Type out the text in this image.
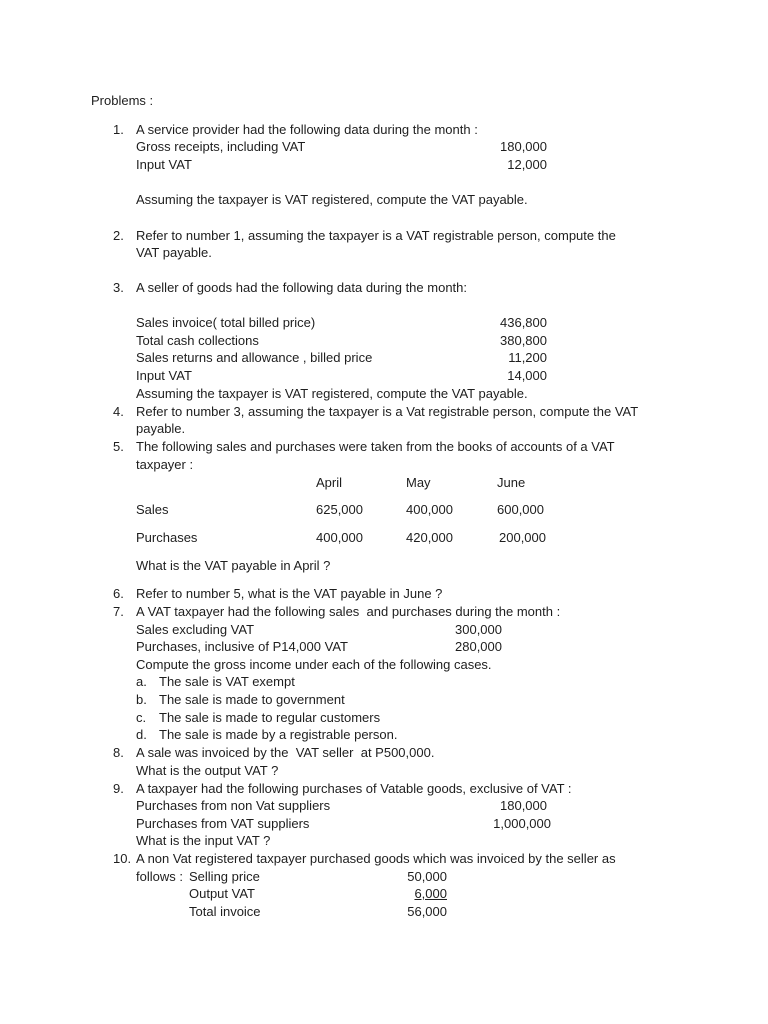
Problems :
1. A service provider had the following data during the month :
Gross receipts, including VAT	180,000
Input VAT	12,000
Assuming the taxpayer is VAT registered, compute the VAT payable.
2. Refer to number 1, assuming the taxpayer is a VAT registrable person, compute the
VAT payable.
3. A seller of goods had the following data during the month:
Sales invoice( total billed price)	436,800
Total cash collections	380,800
Sales returns and allowance , billed price	11,200
Input VAT	14,000
Assuming the taxpayer is VAT registered, compute the VAT payable.
4. Refer to number 3, assuming the taxpayer is a Vat registrable person, compute the VAT
payable.
5. The following sales and purchases were taken from the books of accounts of a VAT
taxpayer :
April	May	June
Sales	625,000	400,000	600,000
Purchases	400,000	420,000	200,000
What is the VAT payable in April ?
6. Refer to number 5, what is the VAT payable in June ?
7. A VAT taxpayer had the following sales  and purchases during the month :
Sales excluding VAT	300,000
Purchases, inclusive of P14,000 VAT	280,000
Compute the gross income under each of the following cases.
a. The sale is VAT exempt
b. The sale is made to government
c. The sale is made to regular customers
d. The sale is made by a registrable person.
8. A sale was invoiced by the  VAT seller  at P500,000.
What is the output VAT ?
9. A taxpayer had the following purchases of Vatable goods, exclusive of VAT :
Purchases from non Vat suppliers	180,000
Purchases from VAT suppliers	1,000,000
What is the input VAT ?
10. A non Vat registered taxpayer purchased goods which was invoiced by the seller as
follows : Selling price	50,000
Output VAT	6,000
Total invoice	56,000
